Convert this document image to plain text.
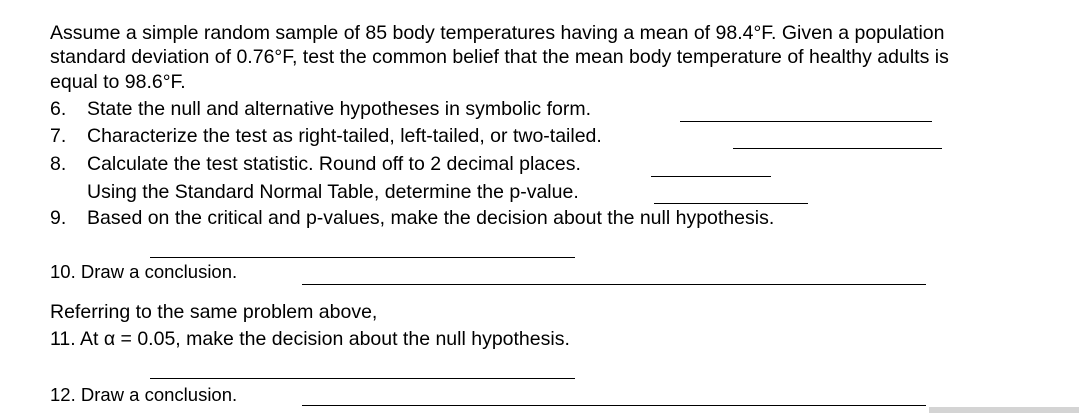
Assume a simple random sample of 85 body temperatures having a mean of 98.4°F. Given a population
standard deviation of 0.76°F, test the common belief that the mean body temperature of healthy adults is
equal to 98.6°F.
6. State the null and alternative hypotheses in symbolic form.
7. Characterize the test as right-tailed, left-tailed, or two-tailed.
8. Calculate the test statistic. Round off to 2 decimal places.
Using the Standard Normal Table, determine the p-value.
9. Based on the critical and p-values, make the decision about the null hypothesis.
10. Draw a conclusion.
Referring to the same problem above,
11. At α = 0.05, make the decision about the null hypothesis.
12. Draw a conclusion.
